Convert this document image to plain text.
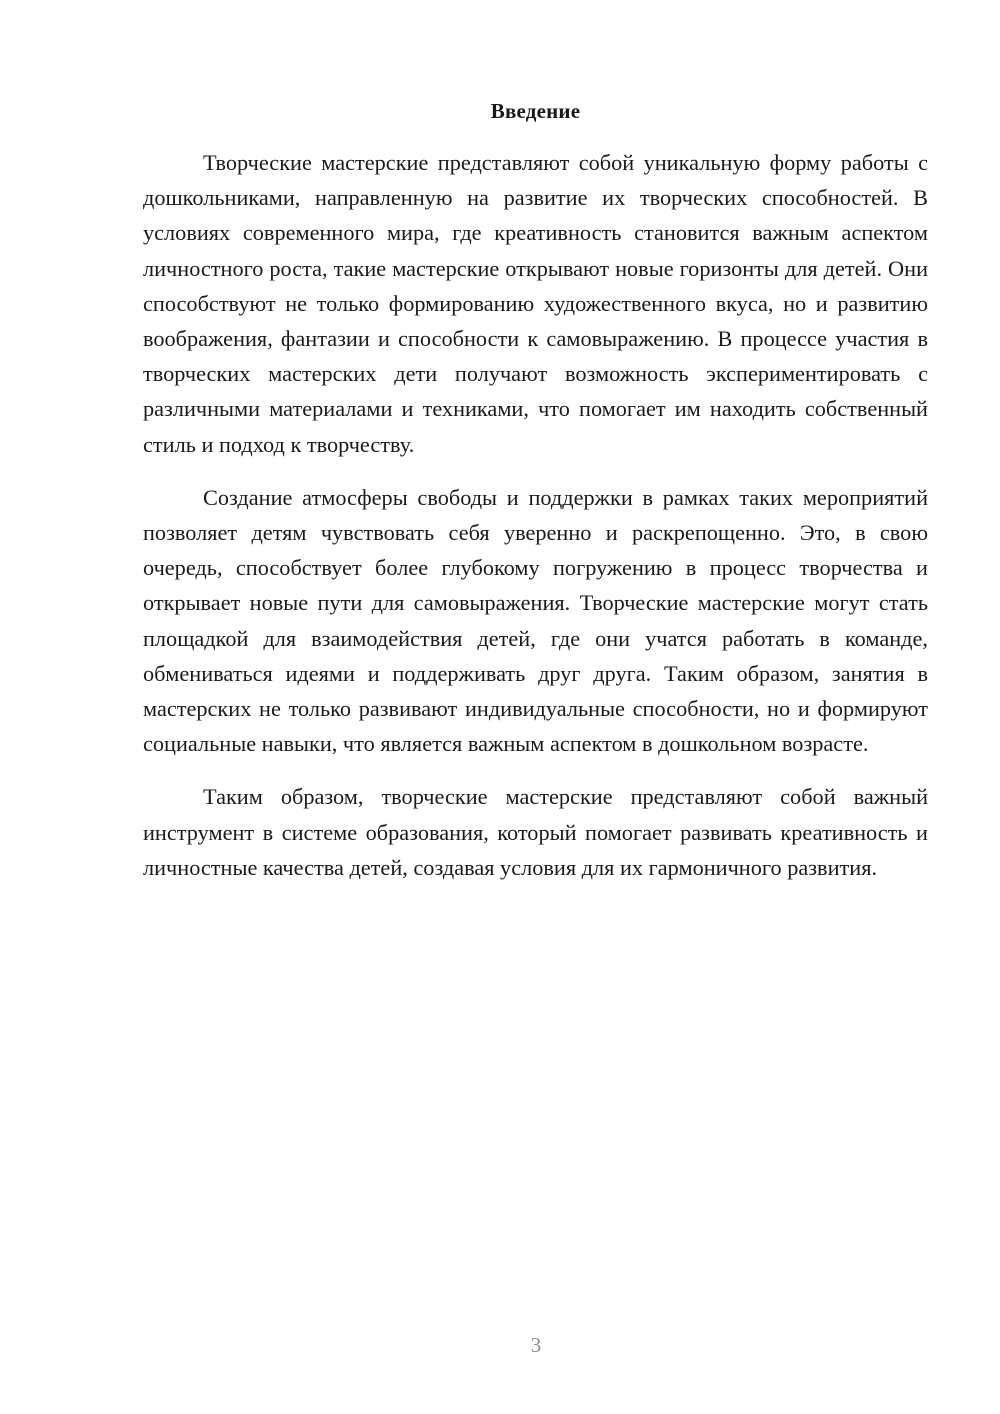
Введение

Творческие мастерские представляют собой уникальную форму работы с дошкольниками, направленную на развитие их творческих способностей. В условиях современного мира, где креативность становится важным аспектом личностного роста, такие мастерские открывают новые горизонты для детей. Они способствуют не только формированию художественного вкуса, но и развитию воображения, фантазии и способности к самовыражению. В процессе участия в творческих мастерских дети получают возможность экспериментировать с различными материалами и техниками, что помогает им находить собственный стиль и подход к творчеству.

Создание атмосферы свободы и поддержки в рамках таких мероприятий позволяет детям чувствовать себя уверенно и раскрепощенно. Это, в свою очередь, способствует более глубокому погружению в процесс творчества и открывает новые пути для самовыражения. Творческие мастерские могут стать площадкой для взаимодействия детей, где они учатся работать в команде, обмениваться идеями и поддерживать друг друга. Таким образом, занятия в мастерских не только развивают индивидуальные способности, но и формируют социальные навыки, что является важным аспектом в дошкольном возрасте.

Таким образом, творческие мастерские представляют собой важный инструмент в системе образования, который помогает развивать креативность и личностные качества детей, создавая условия для их гармоничного развития.

3
